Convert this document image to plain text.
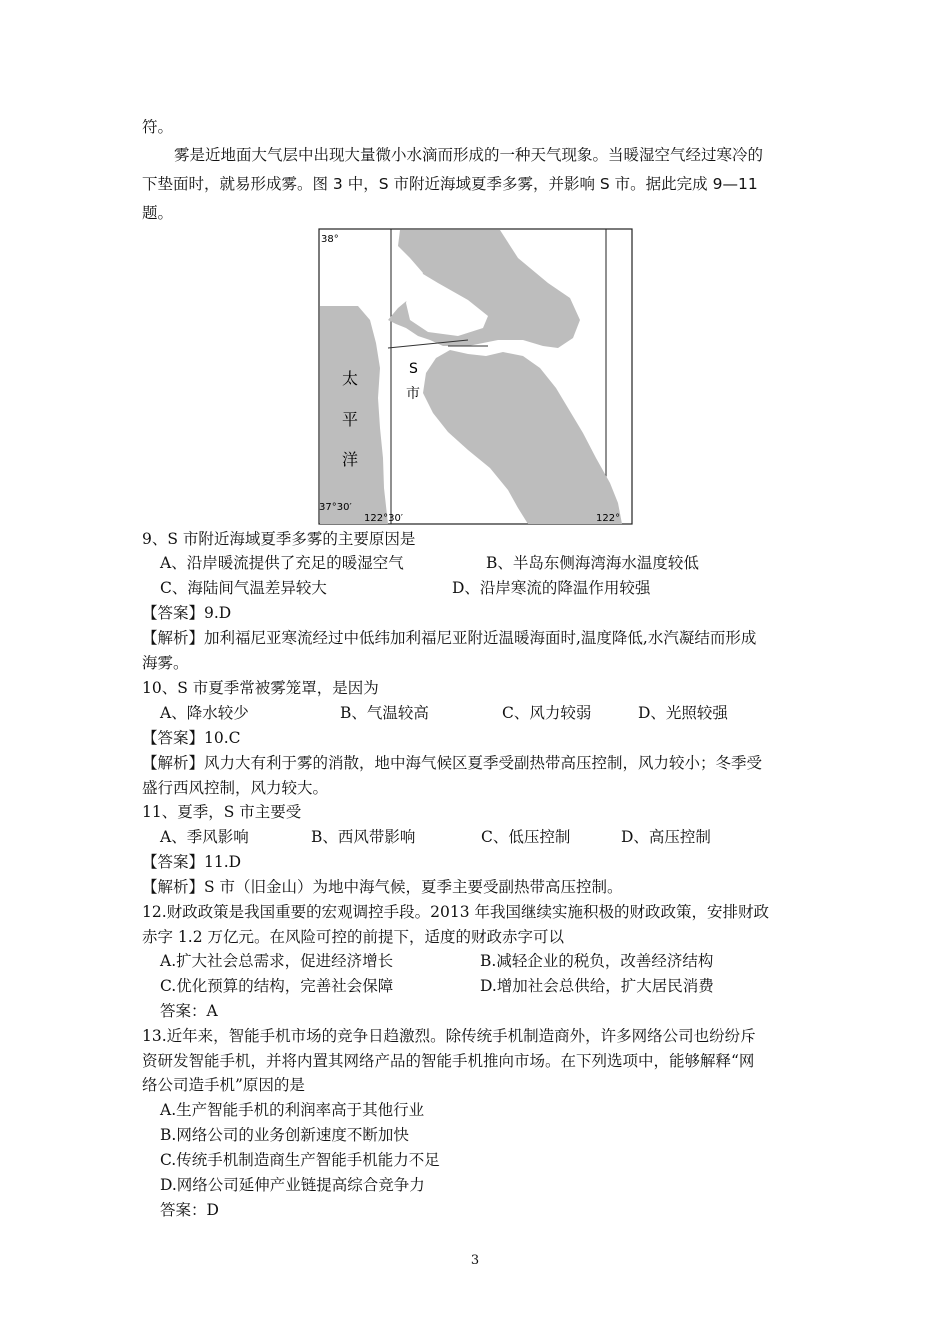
符。
雾是近地面大气层中出现大量微小水滴而形成的一种天气现象。当暖湿空气经过寒冷的
下垫面时，就易形成雾。图 3 中，S 市附近海域夏季多雾，并影响 S 市。据此完成 9—11
题。
38°
37°30′
122°30′	122°
太
平
洋
S
市
9、S 市附近海域夏季多雾的主要原因是
A、沿岸暖流提供了充足的暖湿空气	B、半岛东侧海湾海水温度较低
C、海陆间气温差异较大	D、沿岸寒流的降温作用较强
【答案】9.D
【解析】加利福尼亚寒流经过中低纬加利福尼亚附近温暖海面时,温度降低,水汽凝结而形成
海雾。
10、S 市夏季常被雾笼罩，是因为
A、降水较少	B、气温较高	C、风力较弱	D、光照较强
【答案】10.C
【解析】风力大有利于雾的消散，地中海气候区夏季受副热带高压控制，风力较小；冬季受
盛行西风控制，风力较大。
11、夏季，S 市主要受
A、季风影响	B、西风带影响	C、低压控制	D、高压控制
【答案】11.D
【解析】S 市（旧金山）为地中海气候，夏季主要受副热带高压控制。
12.财政政策是我国重要的宏观调控手段。2013 年我国继续实施积极的财政政策，安排财政
赤字 1.2 万亿元。在风险可控的前提下，适度的财政赤字可以
A.扩大社会总需求，促进经济增长	B.减轻企业的税负，改善经济结构
C.优化预算的结构，完善社会保障	D.增加社会总供给，扩大居民消费
答案：A
13.近年来，智能手机市场的竞争日趋激烈。除传统手机制造商外，许多网络公司也纷纷斥
资研发智能手机，并将内置其网络产品的智能手机推向市场。在下列选项中，能够解释“网
络公司造手机”原因的是
A.生产智能手机的利润率高于其他行业
B.网络公司的业务创新速度不断加快
C.传统手机制造商生产智能手机能力不足
D.网络公司延伸产业链提高综合竞争力
答案：D
3
